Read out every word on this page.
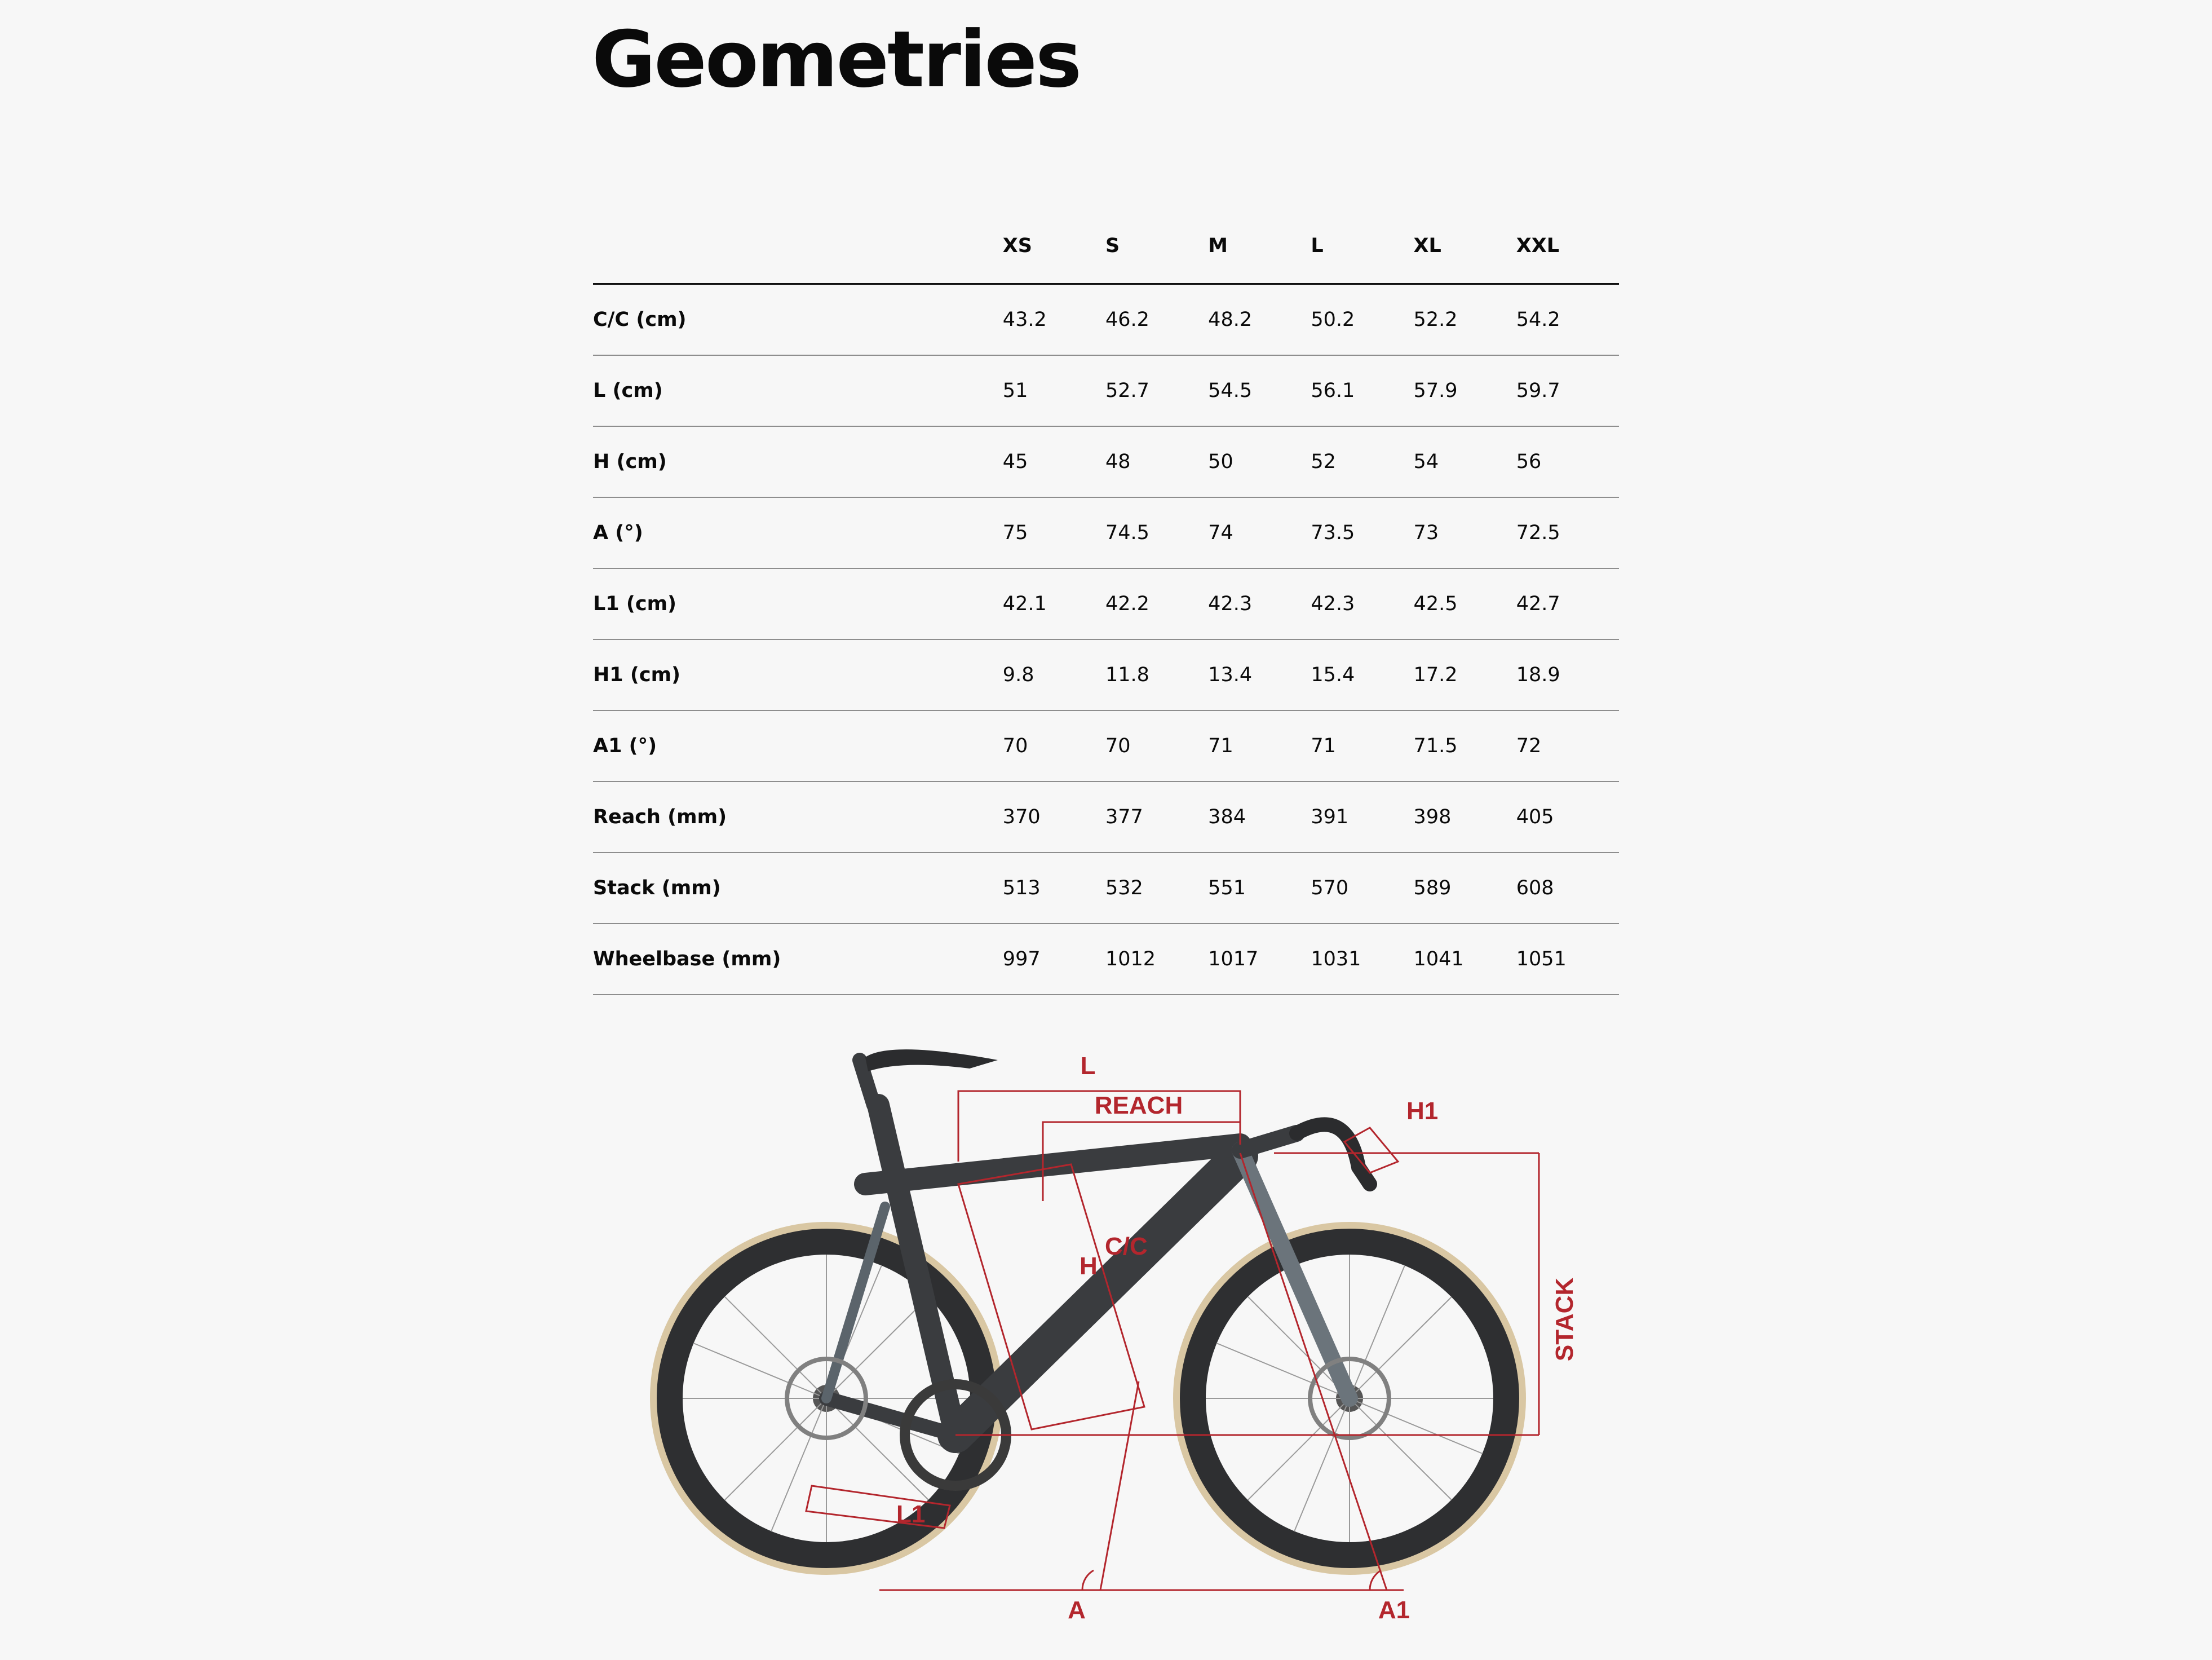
Geometries
	XS	S	M	L	XL	XXL
C/C (cm)	43.2	46.2	48.2	50.2	52.2	54.2
L (cm)	51	52.7	54.5	56.1	57.9	59.7
H (cm)	45	48	50	52	54	56
A (°)	75	74.5	74	73.5	73	72.5
L1 (cm)	42.1	42.2	42.3	42.3	42.5	42.7
H1 (cm)	9.8	11.8	13.4	15.4	17.2	18.9
A1 (°)	70	70	71	71	71.5	72
Reach (mm)	370	377	384	391	398	405
Stack (mm)	513	532	551	570	589	608
Wheelbase (mm)	997	1012	1017	1031	1041	1051
L
REACH	H1
C/C
H
STACK
L1
A	A1
